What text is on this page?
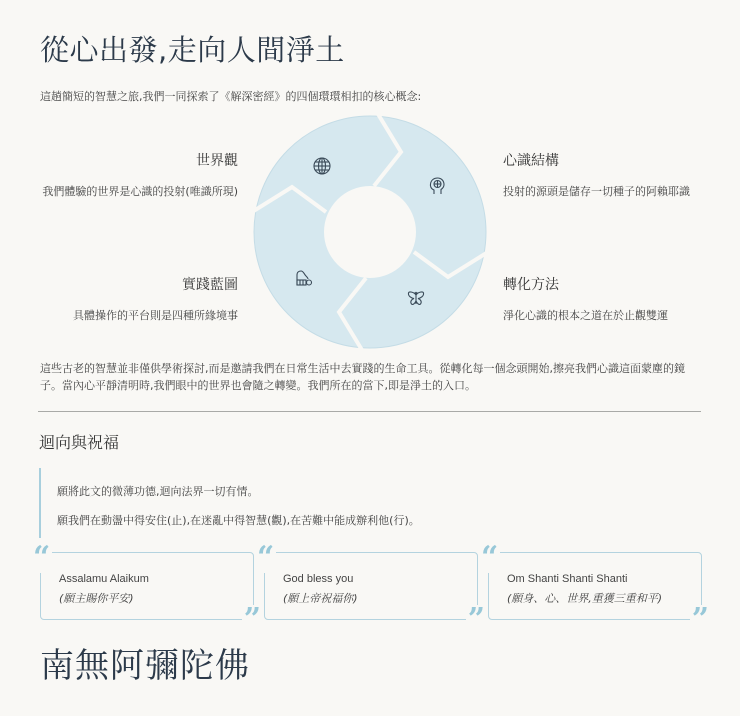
從心出發,走向人間淨土

這趟簡短的智慧之旅,我們一同探索了《解深密經》的四個環環相扣的核心概念:

世界觀
我們體驗的世界是心識的投射(唯識所現)
心識結構
投射的源頭是儲存一切種子的阿賴耶識
實踐藍圖
具體操作的平台則是四種所緣境事
轉化方法
淨化心識的根本之道在於止觀雙運

這些古老的智慧並非僅供學術探討,而是邀請我們在日常生活中去實踐的生命工具。從轉化每一個念頭開始,擦亮我們心識這面蒙塵的鏡子。當內心平靜清明時,我們眼中的世界也會隨之轉變。我們所在的當下,即是淨土的入口。

迴向與祝福

願將此文的微薄功德,迴向法界一切有情。

願我們在動盪中得安住(止),在迷亂中得智慧(觀),在苦難中能成辦利他(行)。

“
Assalamu Alaikum
(願主賜你平安)
”
“
God bless you
(願上帝祝福你)
”
“
Om Shanti Shanti Shanti
(願身、心、世界,重獲三重和平)
”
南無阿彌陀佛
